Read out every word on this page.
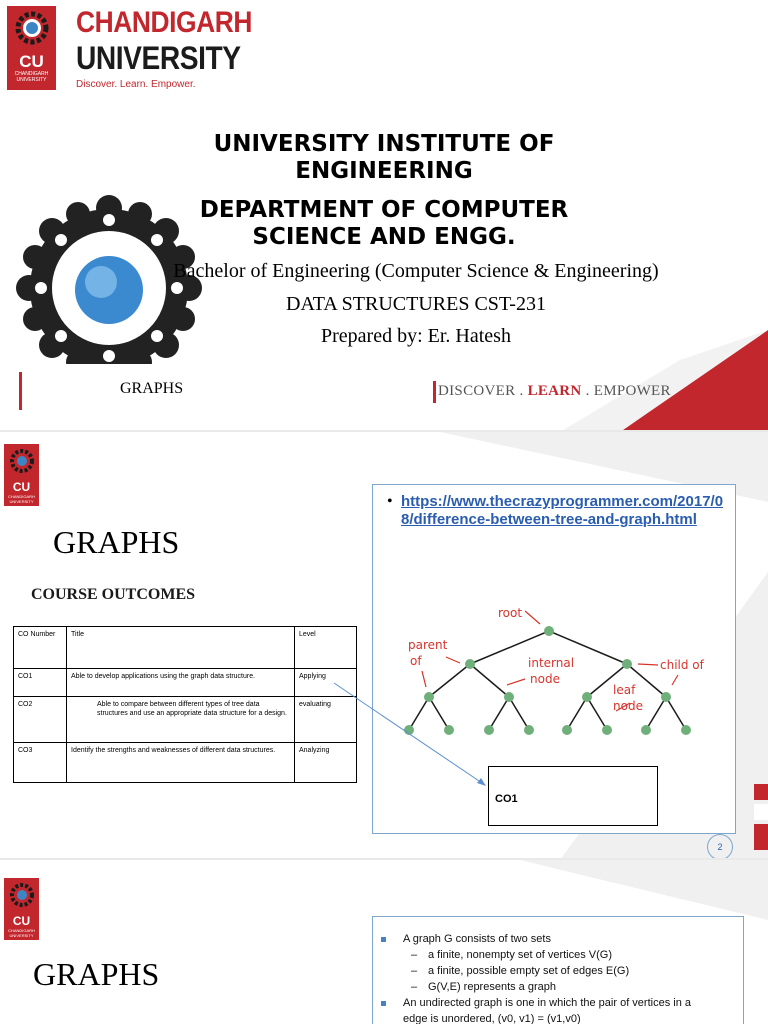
CU
CHANDIGARH
UNIVERSITY
CHANDIGARH
UNIVERSITY
Discover. Learn. Empower.
UNIVERSITY INSTITUTE OF
ENGINEERING
DEPARTMENT OF COMPUTER
SCIENCE AND ENGG.
Bachelor of Engineering (Computer Science & Engineering)
DATA STRUCTURES CST-231
Prepared by: Er. Hatesh
GRAPHS	DISCOVER . LEARN . EMPOWER
CU
CHANDIGARH
UNIVERSITY
GRAPHS
COURSE OUTCOMES
CO Number	Title	Level
CO1	Able to develop applications using the graph data structure.	Applying
CO2	Able to compare between different types of tree data structures and use an appropriate data structure for a design.	evaluating
CO3	Identify the strengths and weaknesses of different data structures.	Analyzing
• https://www.thecrazyprogrammer.com/2017/08/difference-between-tree-and-graph.html
root
parent
of	internal
node
child of
leaf
node
CO1
2
CU
CHANDIGARH
UNIVERSITY
GRAPHS
A graph G consists of two sets
– a finite, nonempty set of vertices V(G)
– a finite, possible empty set of edges E(G)
– G(V,E) represents a graph
An undirected graph is one in which the pair of vertices in a
edge is unordered, (v0, v1) = (v1,v0)
